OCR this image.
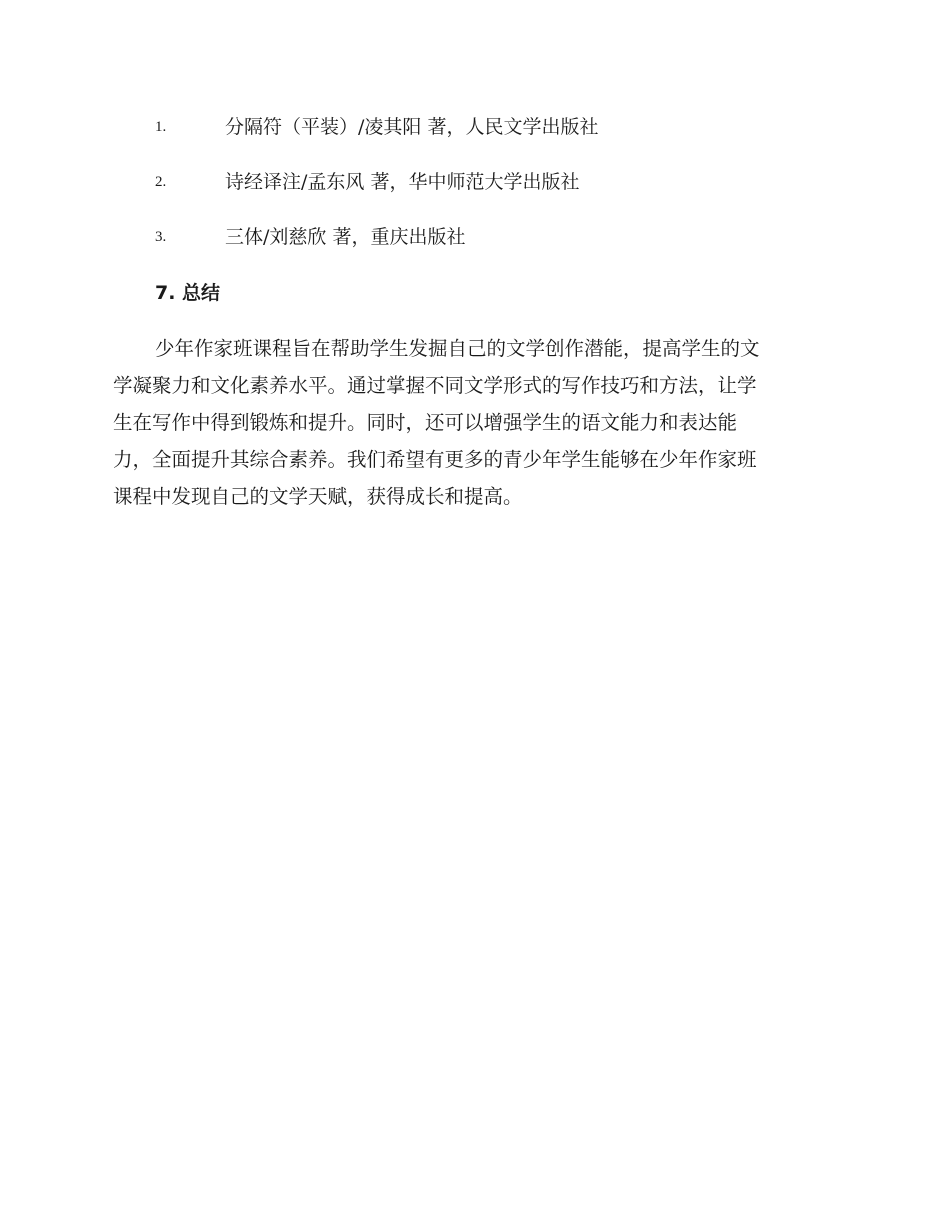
1.	分隔符（平装）/凌其阳 著，人民文学出版社
2.	诗经译注/孟东风 著，华中师范大学出版社
3.	三体/刘慈欣 著，重庆出版社
7. 总结

少年作家班课程旨在帮助学生发掘自己的文学创作潜能，提高学生的文
学凝聚力和文化素养水平。通过掌握不同文学形式的写作技巧和方法，让学
生在写作中得到锻炼和提升。同时，还可以增强学生的语文能力和表达能
力，全面提升其综合素养。我们希望有更多的青少年学生能够在少年作家班
课程中发现自己的文学天赋，获得成长和提高。
